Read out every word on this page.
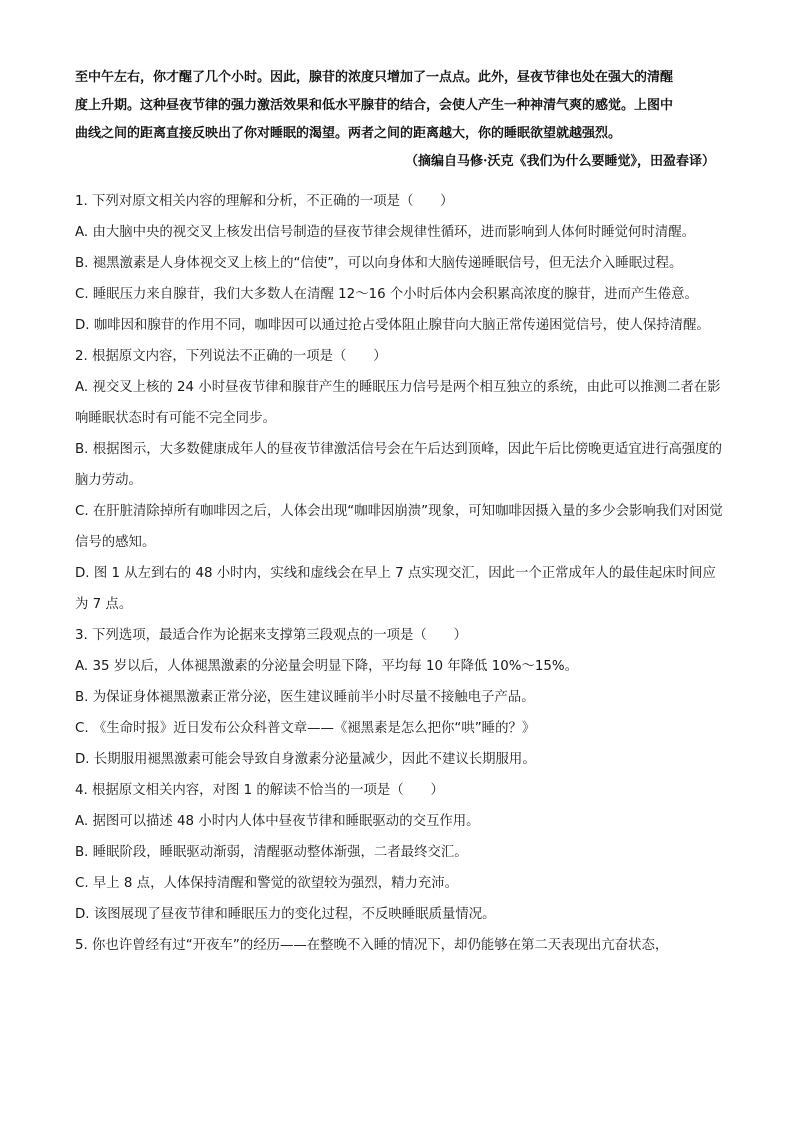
至中午左右，你才醒了几个小时。因此，腺苷的浓度只增加了一点点。此外，昼夜节律也处在强大的清醒

度上升期。这种昼夜节律的强力激活效果和低水平腺苷的结合，会使人产生一种神清气爽的感觉。上图中

曲线之间的距离直接反映出了你对睡眠的渴望。两者之间的距离越大，你的睡眠欲望就越强烈。

（摘编自马修·沃克《我们为什么要睡觉》，田盈春译）

1. 下列对原文相关内容的理解和分析，不正确的一项是（　　）

A. 由大脑中央的视交叉上核发出信号制造的昼夜节律会规律性循环，进而影响到人体何时睡觉何时清醒。

B. 褪黑激素是人身体视交叉上核上的“信使”，可以向身体和大脑传递睡眠信号，但无法介入睡眠过程。

C. 睡眠压力来自腺苷，我们大多数人在清醒 12～16 个小时后体内会积累高浓度的腺苷，进而产生倦意。

D. 咖啡因和腺苷的作用不同，咖啡因可以通过抢占受体阻止腺苷向大脑正常传递困觉信号，使人保持清醒。

2. 根据原文内容，下列说法不正确的一项是（　　）

A. 视交叉上核的 24 小时昼夜节律和腺苷产生的睡眠压力信号是两个相互独立的系统，由此可以推测二者在影响睡眠状态时有可能不完全同步。

B. 根据图示，大多数健康成年人的昼夜节律激活信号会在午后达到顶峰，因此午后比傍晚更适宜进行高强度的脑力劳动。

C. 在肝脏清除掉所有咖啡因之后，人体会出现“咖啡因崩溃”现象，可知咖啡因摄入量的多少会影响我们对困觉信号的感知。

D. 图 1 从左到右的 48 小时内，实线和虚线会在早上 7 点实现交汇，因此一个正常成年人的最佳起床时间应为 7 点。

3. 下列选项，最适合作为论据来支撑第三段观点的一项是（　　）

A. 35 岁以后，人体褪黑激素的分泌量会明显下降，平均每 10 年降低 10%～15%。

B. 为保证身体褪黑激素正常分泌，医生建议睡前半小时尽量不接触电子产品。

C. 《生命时报》近日发布公众科普文章——《褪黑素是怎么把你“哄”睡的？》

D. 长期服用褪黑激素可能会导致自身激素分泌量减少，因此不建议长期服用。

4. 根据原文相关内容，对图 1 的解读不恰当的一项是（　　）

A. 据图可以描述 48 小时内人体中昼夜节律和睡眠驱动的交互作用。

B. 睡眠阶段，睡眠驱动渐弱，清醒驱动整体渐强，二者最终交汇。

C. 早上 8 点，人体保持清醒和警觉的欲望较为强烈，精力充沛。

D. 该图展现了昼夜节律和睡眠压力的变化过程，不反映睡眠质量情况。

5. 你也许曾经有过“开夜车”的经历——在整晚不入睡的情况下，却仍能够在第二天表现出亢奋状态，
